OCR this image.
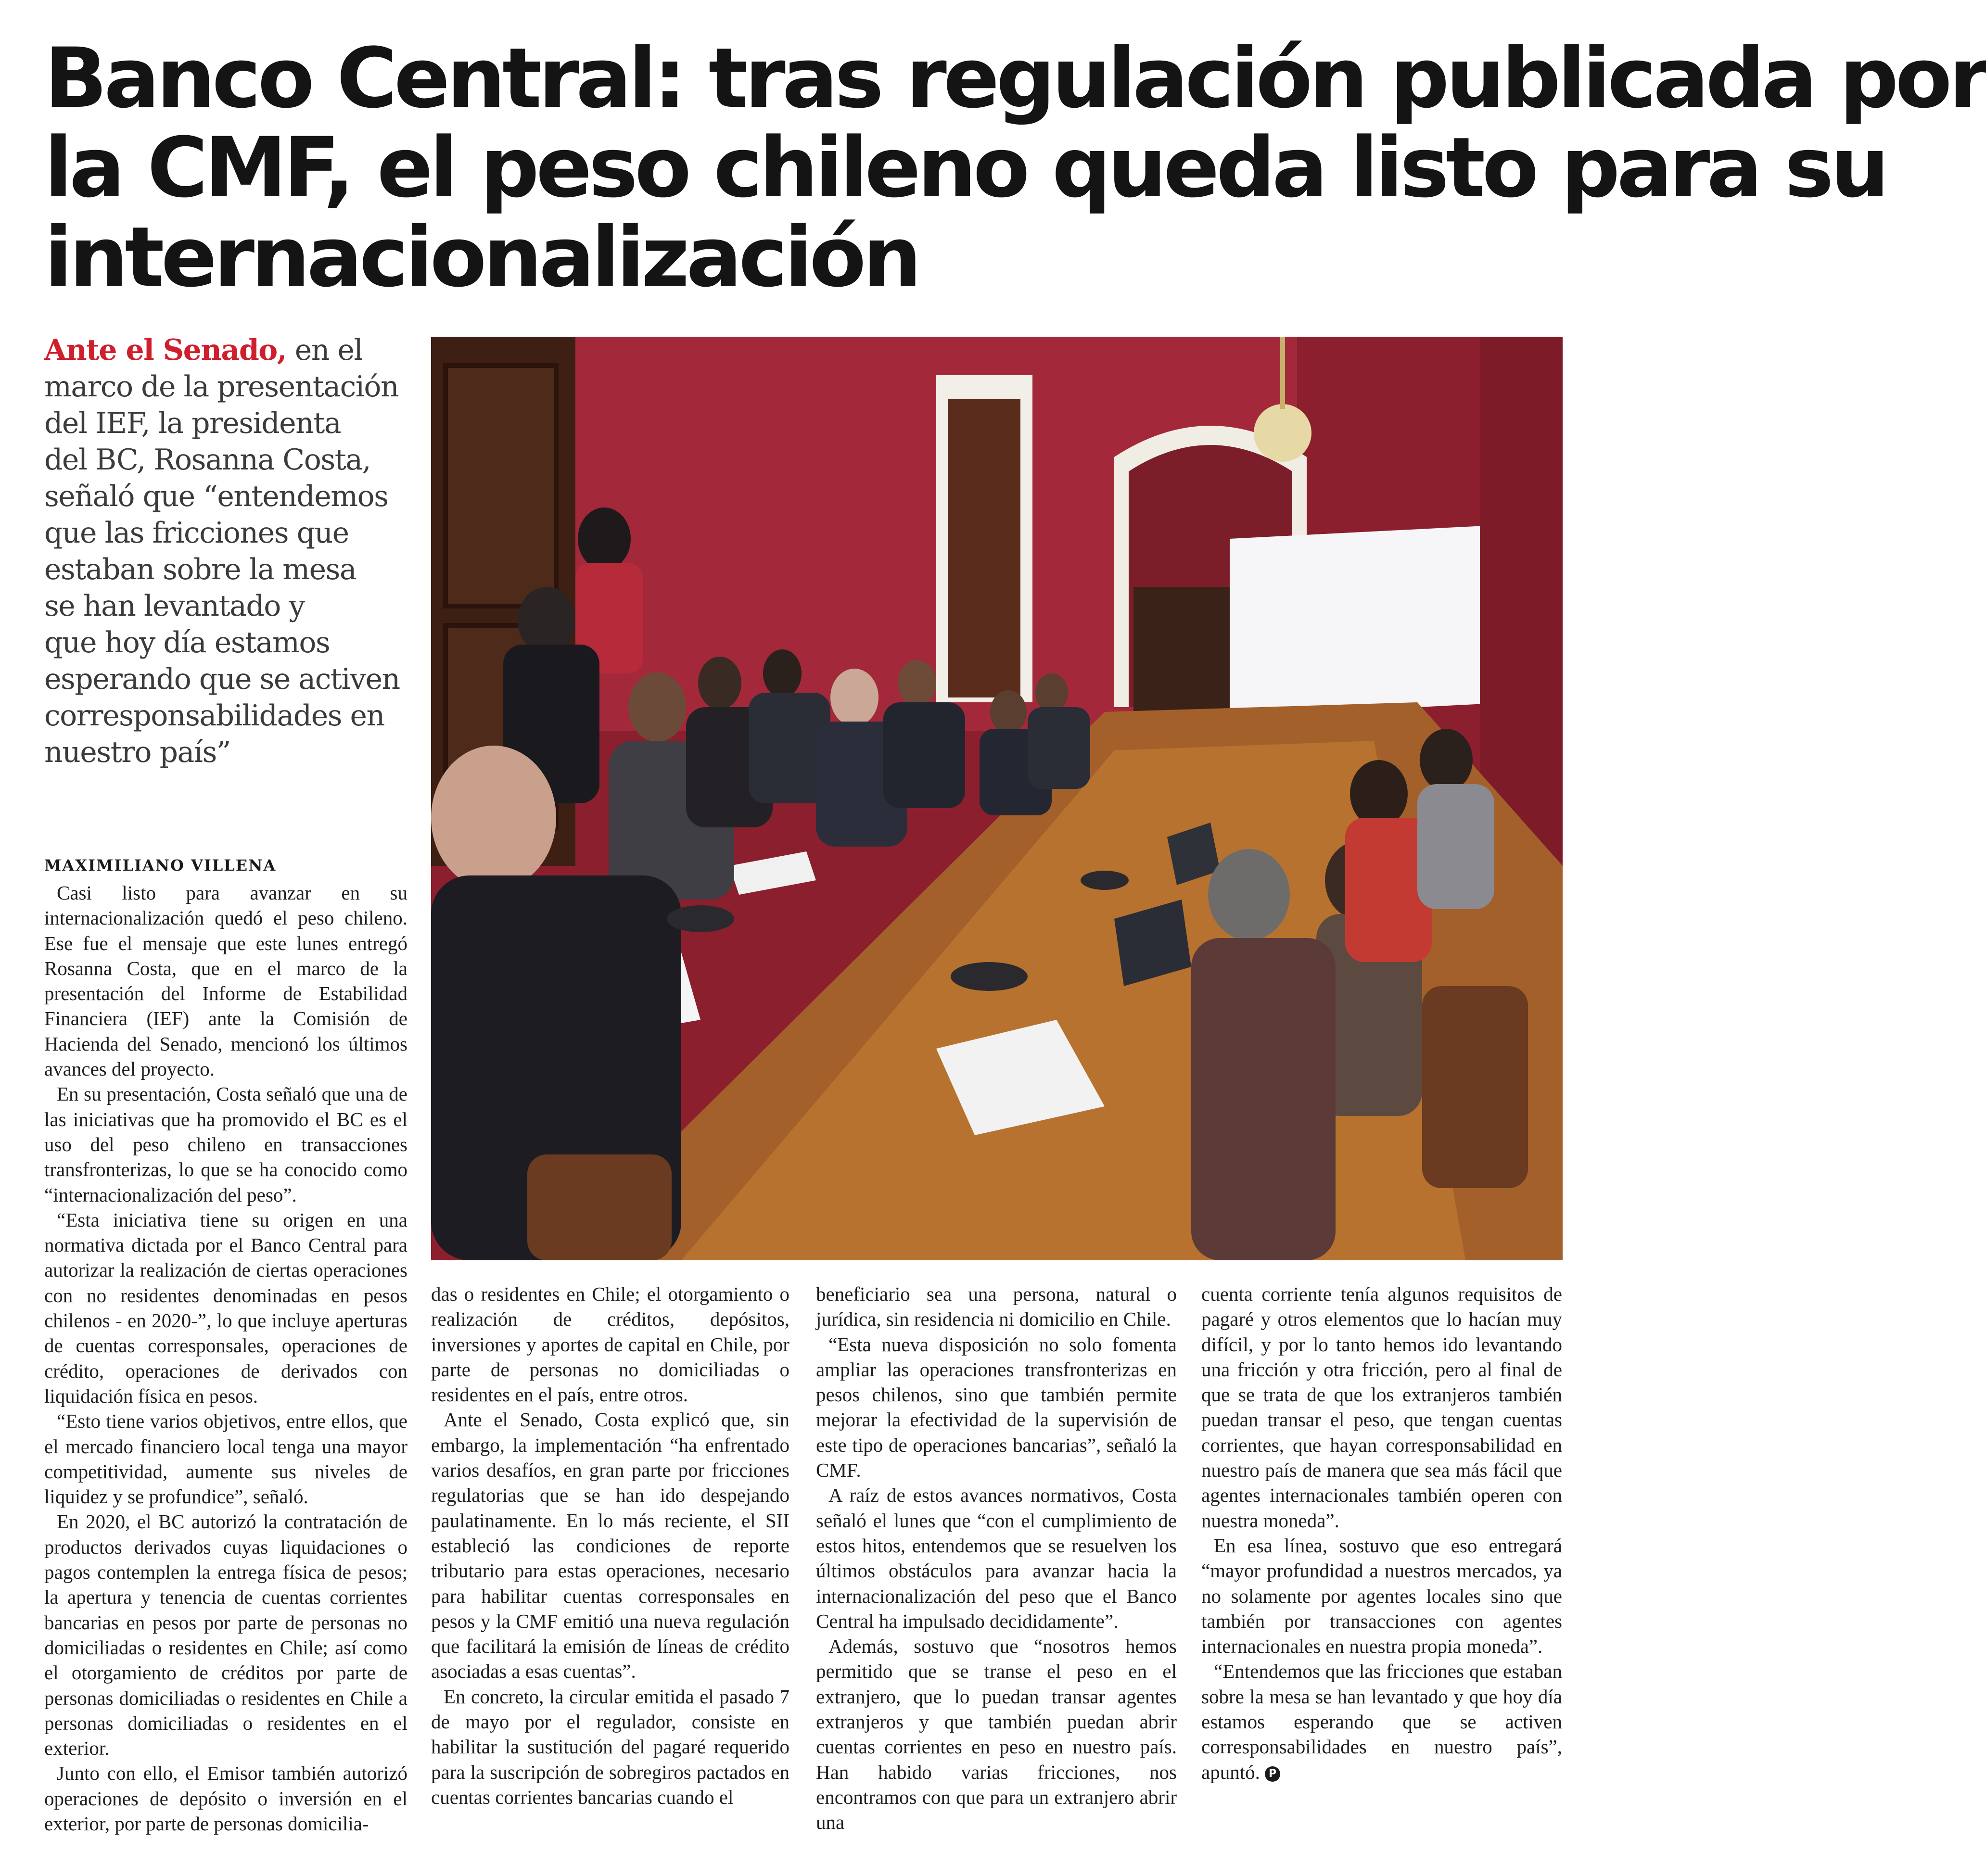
Banco Central: tras regulación publicada por
la CMF, el peso chileno queda listo para su
internacionalización
Ante el Senado, en el
marco de la presentación
del IEF, la presidenta
del BC, Rosanna Costa,
señaló que “entendemos
que las fricciones que
estaban sobre la mesa
se han levantado y
que hoy día estamos
esperando que se activen
corresponsabilidades en
nuestro país”
MAXIMILIANO VILLENA

Casi listo para avanzar en su internacionalización quedó el peso chileno. Ese fue el mensaje que este lunes entregó Rosanna Costa, que en el marco de la presentación del Informe de Estabilidad Financiera (IEF) ante la Comisión de Hacienda del Senado, mencionó los últimos avances del proyecto.

En su presentación, Costa señaló que una de las iniciativas que ha promovido el BC es el uso del peso chileno en transacciones transfronterizas, lo que se ha conocido como “internacionalización del peso”.

“Esta iniciativa tiene su origen en una normativa dictada por el Banco Central para autorizar la realización de ciertas operaciones con no residentes denominadas en pesos chilenos - en 2020-”, lo que incluye aperturas de cuentas corresponsales, operaciones de crédito, operaciones de derivados con liquidación física en pesos.

“Esto tiene varios objetivos, entre ellos, que el mercado financiero local tenga una mayor competitividad, aumente sus niveles de liquidez y se profundice”, señaló.

En 2020, el BC autorizó la contratación de productos derivados cuyas liquidaciones o pagos contemplen la entrega física de pesos; la apertura y tenencia de cuentas corrientes bancarias en pesos por parte de personas no domiciliadas o residentes en Chile; así como el otorgamiento de créditos por parte de personas domiciliadas o residentes en Chile a personas domiciliadas o residentes en el exterior.

Junto con ello, el Emisor también autorizó operaciones de depósito o inversión en el exterior, por parte de personas domicilia-

das o residentes en Chile; el otorgamiento o realización de créditos, depósitos, inversiones y aportes de capital en Chile, por parte de personas no domiciliadas o residentes en el país, entre otros.

Ante el Senado, Costa explicó que, sin embargo, la implementación “ha enfrentado varios desafíos, en gran parte por fricciones regulatorias que se han ido despejando paulatinamente. En lo más reciente, el SII estableció las condiciones de reporte tributario para estas operaciones, necesario para habilitar cuentas corresponsales en pesos y la CMF emitió una nueva regulación que facilitará la emisión de líneas de crédito asociadas a esas cuentas”.

En concreto, la circular emitida el pasado 7 de mayo por el regulador, consiste en habilitar la sustitución del pagaré requerido para la suscripción de sobregiros pactados en cuentas corrientes bancarias cuando el

beneficiario sea una persona, natural o jurídica, sin residencia ni domicilio en Chile.

“Esta nueva disposición no solo fomenta ampliar las operaciones transfronterizas en pesos chilenos, sino que también permite mejorar la efectividad de la supervisión de este tipo de operaciones bancarias”, señaló la CMF.

A raíz de estos avances normativos, Costa señaló el lunes que “con el cumplimiento de estos hitos, entendemos que se resuelven los últimos obstáculos para avanzar hacia la internacionalización del peso que el Banco Central ha impulsado decididamente”.

Además, sostuvo que “nosotros hemos permitido que se transe el peso en el extranjero, que lo puedan transar agentes extranjeros y que también puedan abrir cuentas corrientes en peso en nuestro país. Han habido varias fricciones, nos encontramos con que para un extranjero abrir una

cuenta corriente tenía algunos requisitos de pagaré y otros elementos que lo hacían muy difícil, y por lo tanto hemos ido levantando una fricción y otra fricción, pero al final de que se trata de que los extranjeros también puedan transar el peso, que tengan cuentas corrientes, que hayan corresponsabilidad en nuestro país de manera que sea más fácil que agentes internacionales también operen con nuestra moneda”.

En esa línea, sostuvo que eso entregará “mayor profundidad a nuestros mercados, ya no solamente por agentes locales sino que también por transacciones con agentes internacionales en nuestra propia moneda”.

“Entendemos que las fricciones que estaban sobre la mesa se han levantado y que hoy día estamos esperando que se activen corresponsabilidades en nuestro país”, apuntó. P
